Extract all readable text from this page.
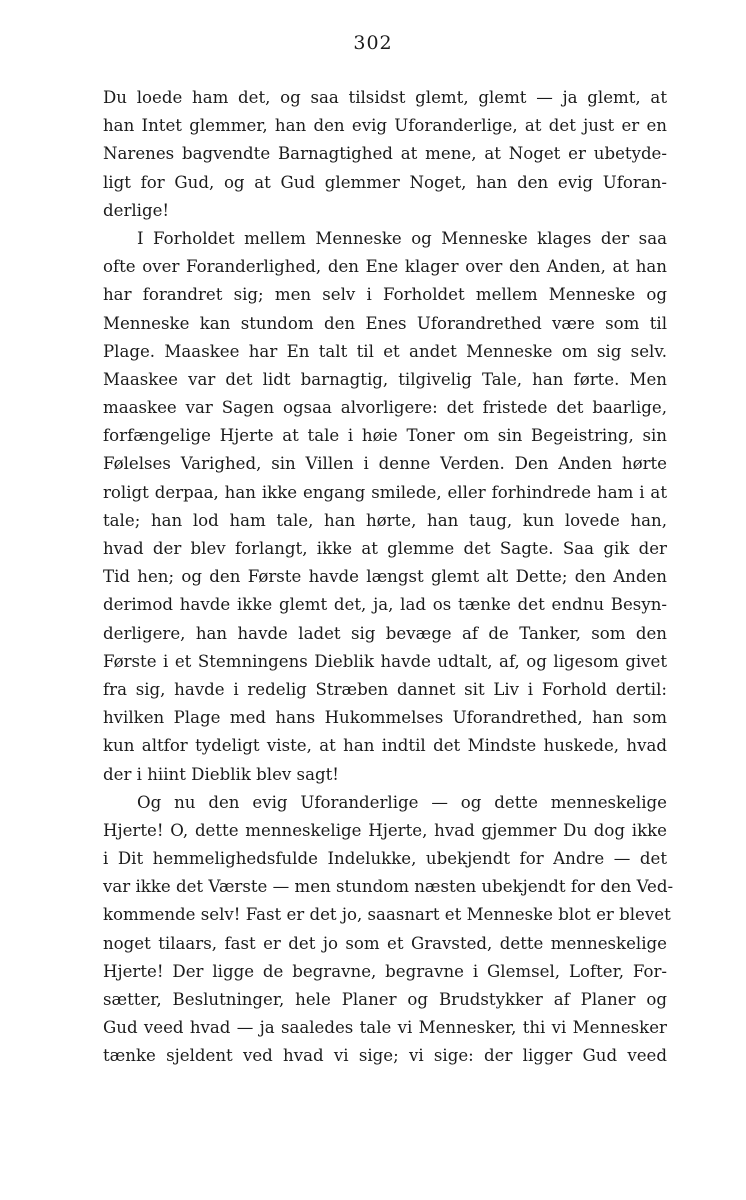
302
Du loede ham det, og saa tilsidst glemt, glemt — ja glemt, at
han Intet glemmer, han den evig Uforanderlige, at det just er en
Narenes bagvendte Barnagtighed at mene, at Noget er ubetyde-
ligt for Gud, og at Gud glemmer Noget, han den evig Uforan-
derlige!
I Forholdet mellem Menneske og Menneske klages der saa
ofte over Foranderlighed, den Ene klager over den Anden, at han
har forandret sig; men selv i Forholdet mellem Menneske og
Menneske kan stundom den Enes Uforandrethed være som til
Plage. Maaskee har En talt til et andet Menneske om sig selv.
Maaskee var det lidt barnagtig, tilgivelig Tale, han førte. Men
maaskee var Sagen ogsaa alvorligere: det fristede det baarlige,
forfængelige Hjerte at tale i høie Toner om sin Begeistring, sin
Følelses Varighed, sin Villen i denne Verden. Den Anden hørte
roligt derpaa, han ikke engang smilede, eller forhindrede ham i at
tale; han lod ham tale, han hørte, han taug, kun lovede han,
hvad der blev forlangt, ikke at glemme det Sagte. Saa gik der
Tid hen; og den Første havde længst glemt alt Dette; den Anden
derimod havde ikke glemt det, ja, lad os tænke det endnu Besyn-
derligere, han havde ladet sig bevæge af de Tanker, som den
Første i et Stemningens Dieblik havde udtalt, af, og ligesom givet
fra sig, havde i redelig Stræben dannet sit Liv i Forhold dertil:
hvilken Plage med hans Hukommelses Uforandrethed, han som
kun altfor tydeligt viste, at han indtil det Mindste huskede, hvad
der i hiint Dieblik blev sagt!
Og nu den evig Uforanderlige — og dette menneskelige
Hjerte! O, dette menneskelige Hjerte, hvad gjemmer Du dog ikke
i Dit hemmelighedsfulde Indelukke, ubekjendt for Andre — det
var ikke det Værste — men stundom næsten ubekjendt for den Ved-
kommende selv! Fast er det jo, saasnart et Menneske blot er blevet
noget tilaars, fast er det jo som et Gravsted, dette menneskelige
Hjerte! Der ligge de begravne, begravne i Glemsel, Lofter, For-
sætter, Beslutninger, hele Planer og Brudstykker af Planer og
Gud veed hvad — ja saaledes tale vi Mennesker, thi vi Mennesker
tænke sjeldent ved hvad vi sige; vi sige: der ligger Gud veed
